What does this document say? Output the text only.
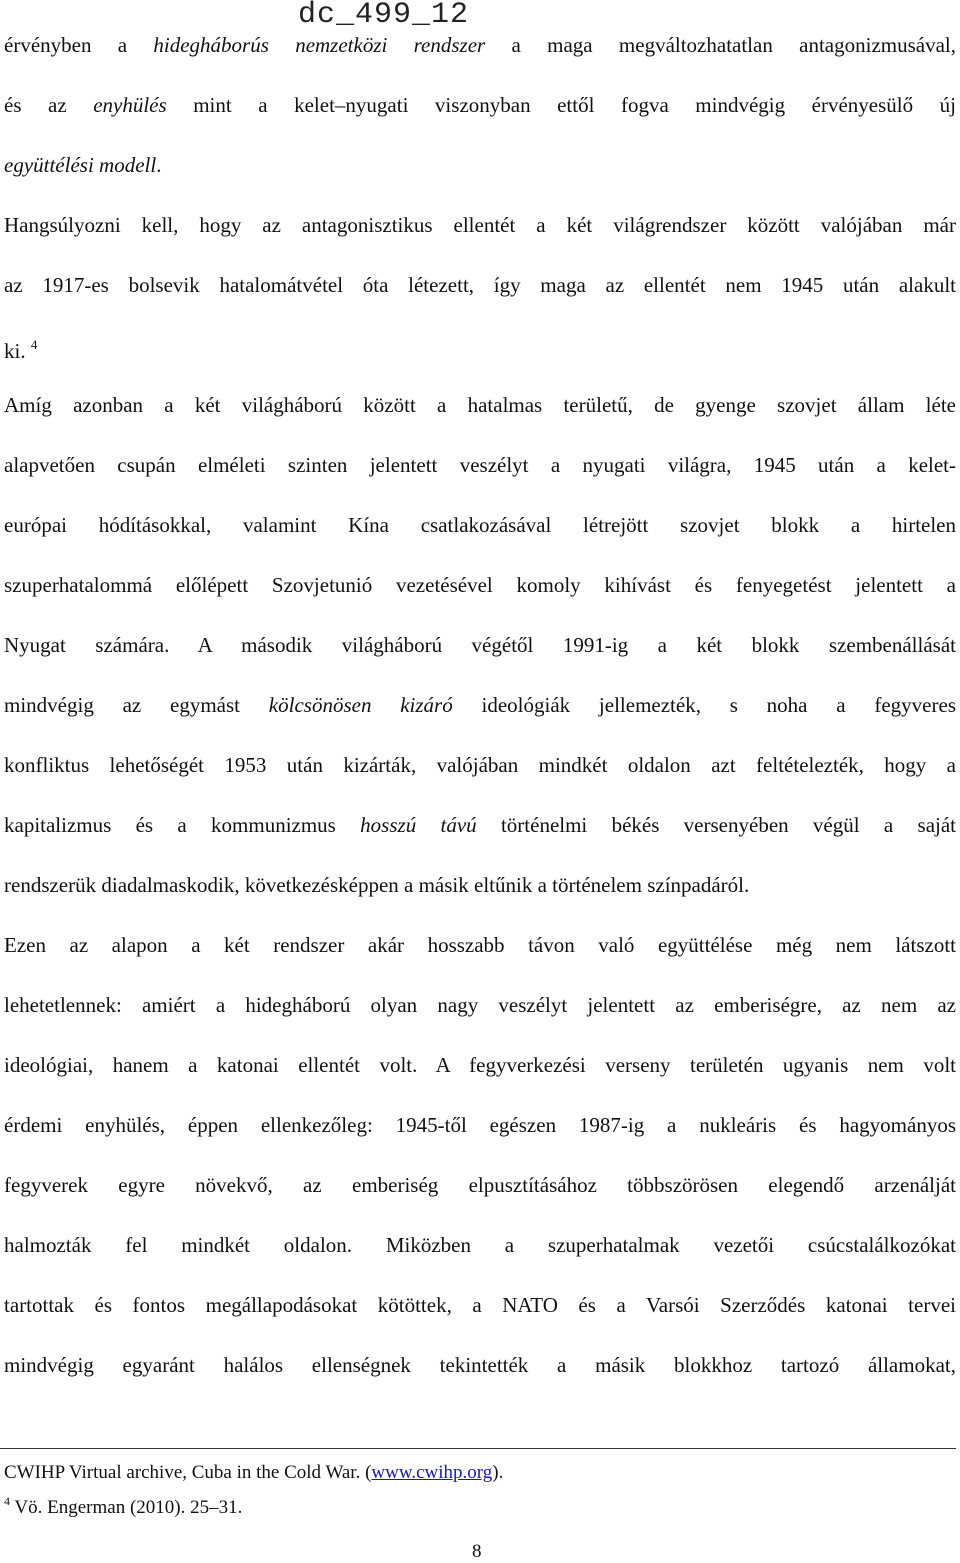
dc_499_12
érvényben a hidegháborús nemzetközi rendszer a maga megváltozhatatlan antagonizmusával,
és az enyhülés mint a kelet–nyugati viszonyban ettől fogva mindvégig érvényesülő új
együttélési modell.
Hangsúlyozni kell, hogy az antagonisztikus ellentét a két világrendszer között valójában már
az 1917-es bolsevik hatalomátvétel óta létezett, így maga az ellentét nem 1945 után alakult
ki. $^4$
Amíg azonban a két világháború között a hatalmas területű, de gyenge szovjet állam léte
alapvetően csupán elméleti szinten jelentett veszélyt a nyugati világra, 1945 után a kelet-
európai hódításokkal, valamint Kína csatlakozásával létrejött szovjet blokk a hirtelen
szuperhatalommá előlépett Szovjetunió vezetésével komoly kihívást és fenyegetést jelentett a
Nyugat számára. A második világháború végétől 1991-ig a két blokk szembenállását
mindvégig az egymást kölcsönösen kizáró ideológiák jellemezték, s noha a fegyveres
konfliktus lehetőségét 1953 után kizárták, valójában mindkét oldalon azt feltételezték, hogy a
kapitalizmus és a kommunizmus hosszú távú történelmi békés versenyében végül a saját
rendszerük diadalmaskodik, következésképpen a másik eltűnik a történelem színpadáról.
Ezen az alapon a két rendszer akár hosszabb távon való együttélése még nem látszott
lehetetlennek: amiért a hidegháború olyan nagy veszélyt jelentett az emberiségre, az nem az
ideológiai, hanem a katonai ellentét volt. A fegyverkezési verseny területén ugyanis nem volt
érdemi enyhülés, éppen ellenkezőleg: 1945-től egészen 1987-ig a nukleáris és hagyományos
fegyverek egyre növekvő, az emberiség elpusztításához többszörösen elegendő arzenálját
halmozták fel mindkét oldalon. Miközben a szuperhatalmak vezetői csúcstalálkozókat
tartottak és fontos megállapodásokat kötöttek, a NATO és a Varsói Szerződés katonai tervei
mindvégig egyaránt halálos ellenségnek tekintették a másik blokkhoz tartozó államokat,
CWIHP Virtual archive, Cuba in the Cold War. (www.cwihp.org).
$^4$ Vö. Engerman (2010). 25–31.
8
